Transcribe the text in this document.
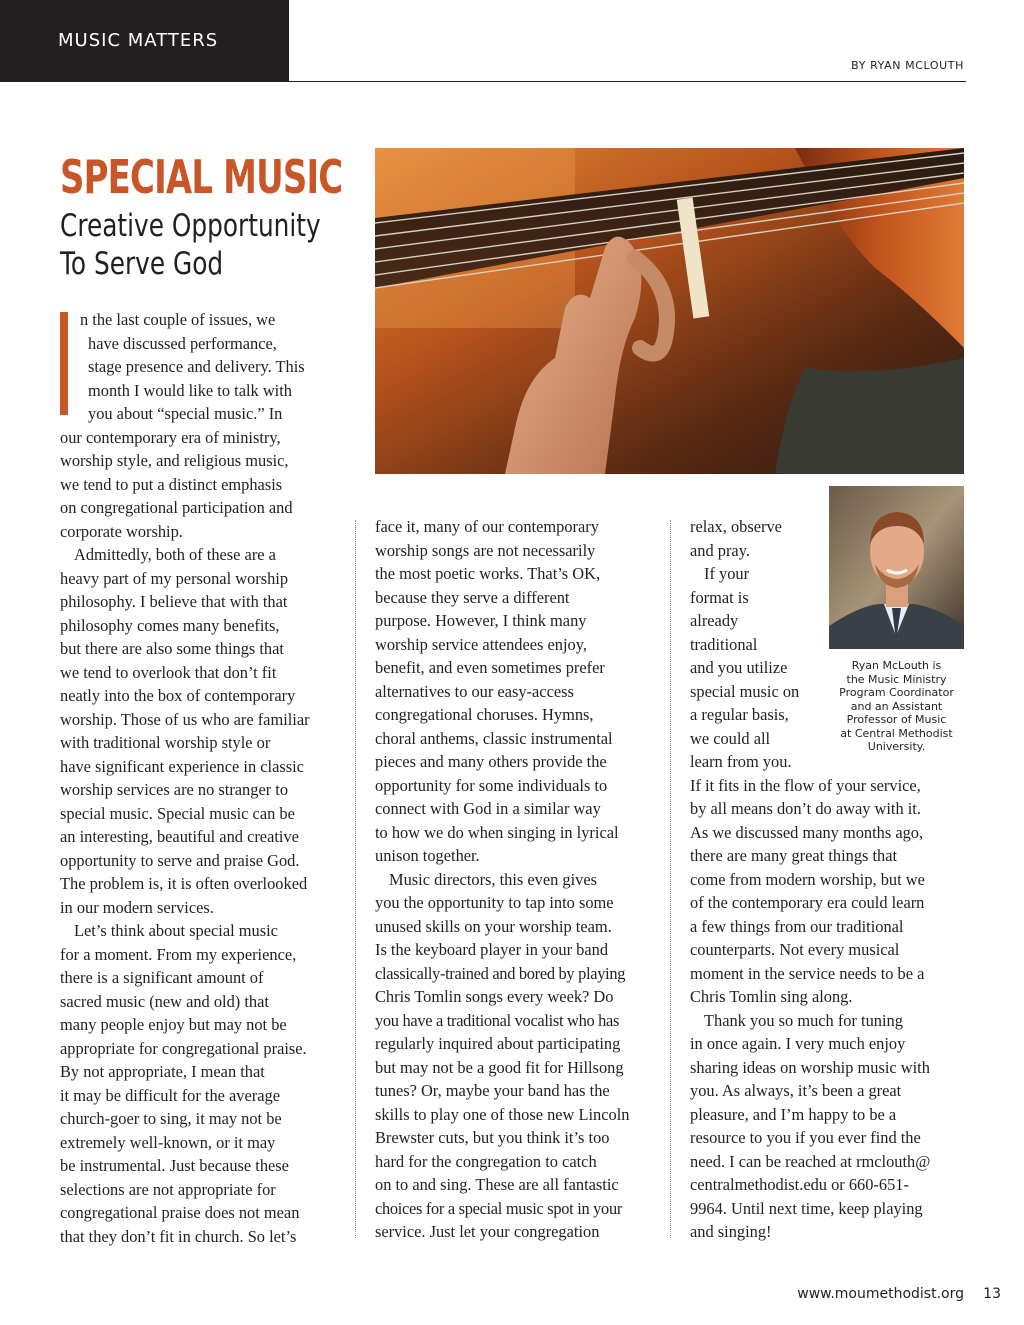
MUSIC MATTERS
BY RYAN MCLOUTH
SPECIAL MUSIC
Creative Opportunity
To Serve God
n the last couple of issues, we
have discussed performance,
stage presence and delivery. This
month I would like to talk with
you about “special music.” In
our contemporary era of ministry,
worship style, and religious music,
we tend to put a distinct emphasis
on congregational participation and
corporate worship.
Admittedly, both of these are a
heavy part of my personal worship
philosophy. I believe that with that
philosophy comes many benefits,
but there are also some things that
we tend to overlook that don’t fit
neatly into the box of contemporary
worship. Those of us who are familiar
with traditional worship style or
have significant experience in classic
worship services are no stranger to
special music. Special music can be
an interesting, beautiful and creative
opportunity to serve and praise God.
The problem is, it is often overlooked
in our modern services.
Let’s think about special music
for a moment. From my experience,
there is a significant amount of
sacred music (new and old) that
many people enjoy but may not be
appropriate for congregational praise.
By not appropriate, I mean that
it may be difficult for the average
church-goer to sing, it may not be
extremely well-known, or it may
be instrumental. Just because these
selections are not appropriate for
congregational praise does not mean
that they don’t fit in church. So let’s
face it, many of our contemporary
worship songs are not necessarily
the most poetic works. That’s OK,
because they serve a different
purpose. However, I think many
worship service attendees enjoy,
benefit, and even sometimes prefer
alternatives to our easy-access
congregational choruses. Hymns,
choral anthems, classic instrumental
pieces and many others provide the
opportunity for some individuals to
connect with God in a similar way
to how we do when singing in lyrical
unison together.
Music directors, this even gives
you the opportunity to tap into some
unused skills on your worship team.
Is the keyboard player in your band
classically-trained and bored by playing
Chris Tomlin songs every week? Do
you have a traditional vocalist who has
regularly inquired about participating
but may not be a good fit for Hillsong
tunes? Or, maybe your band has the
skills to play one of those new Lincoln
Brewster cuts, but you think it’s too
hard for the congregation to catch
on to and sing. These are all fantastic
choices for a special music spot in your
service. Just let your congregation
Ryan McLouth is
the Music Ministry
Program Coordinator
and an Assistant
Professor of Music
at Central Methodist
University.
relax, observe
and pray.
If your
format is
already
traditional
and you utilize
special music on
a regular basis,
we could all
learn from you.
If it fits in the flow of your service,
by all means don’t do away with it.
As we discussed many months ago,
there are many great things that
come from modern worship, but we
of the contemporary era could learn
a few things from our traditional
counterparts. Not every musical
moment in the service needs to be a
Chris Tomlin sing along.
Thank you so much for tuning
in once again. I very much enjoy
sharing ideas on worship music with
you. As always, it’s been a great
pleasure, and I’m happy to be a
resource to you if you ever find the
need. I can be reached at rmclouth@
centralmethodist.edu or 660-651-
9964. Until next time, keep playing
and singing!
www.moumethodist.org 13
